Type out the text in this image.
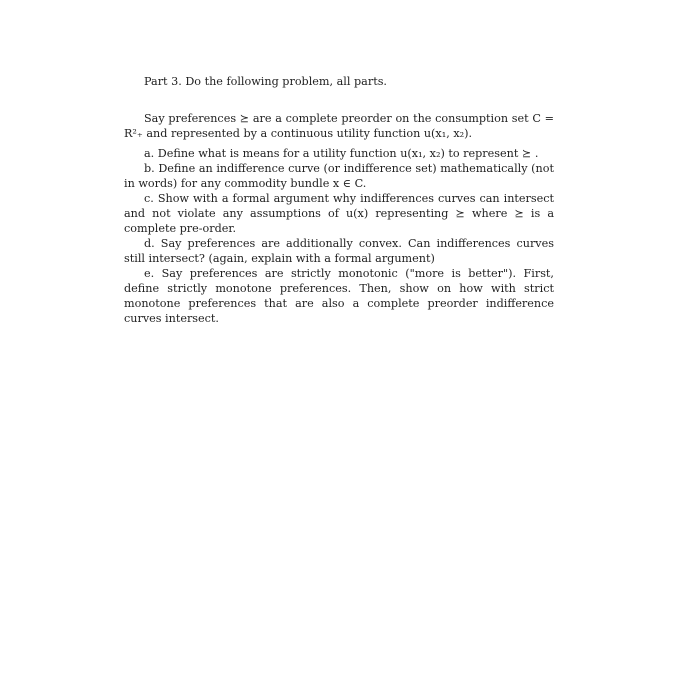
Part 3. Do the following problem, all parts.

Say preferences ⪰ are a complete preorder on the consumption set C = R²₊ and represented by a continuous utility function u(x₁, x₂).

a. Define what is means for a utility function u(x₁, x₂) to represent ⪰ .

b. Define an indifference curve (or indifference set) mathematically (not in words) for any commodity bundle x ∈ C.

c. Show with a formal argument why indifferences curves can intersect and not violate any assumptions of u(x) representing ⪰ where ⪰ is a complete pre-order.

d. Say preferences are additionally convex. Can indifferences curves still intersect? (again, explain with a formal argument)

e. Say preferences are strictly monotonic ("more is better"). First, define strictly monotone preferences. Then, show on how with strict monotone preferences that are also a complete preorder indifference curves intersect.
